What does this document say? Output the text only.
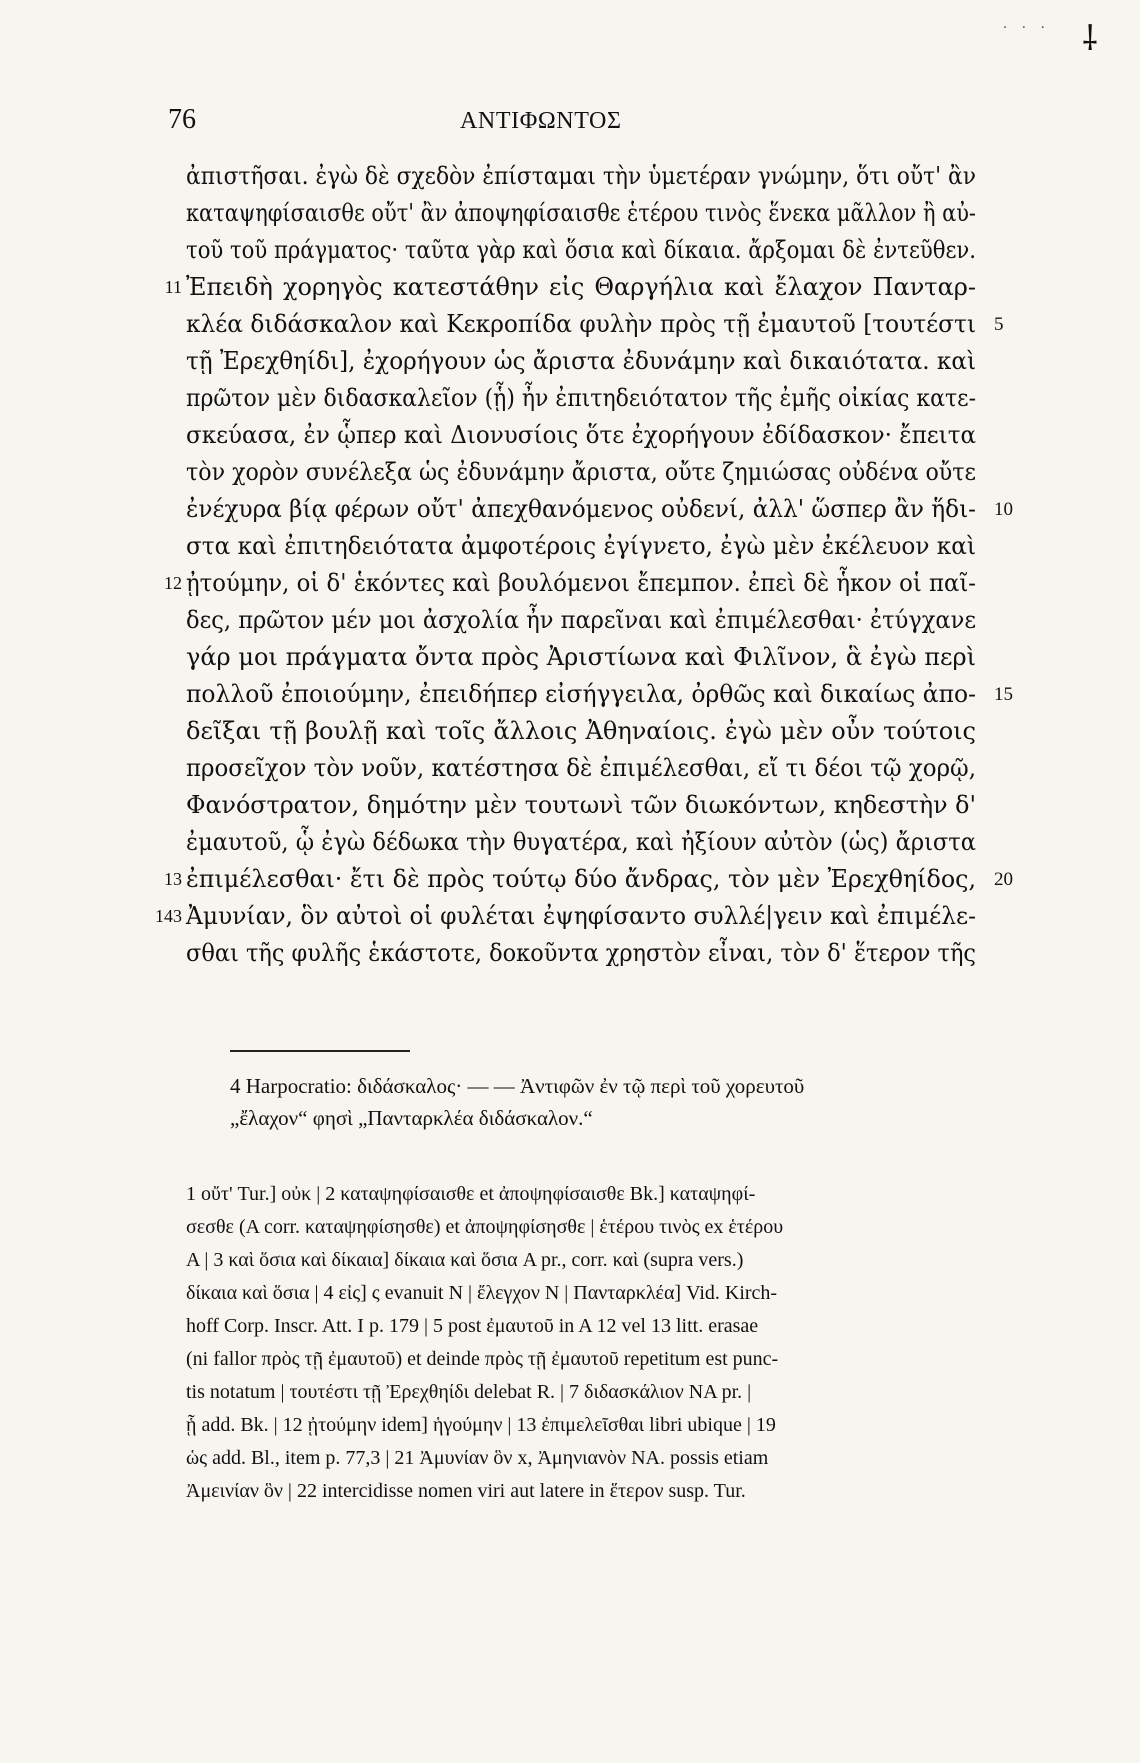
· · · ⸸
76	ΑΝΤΙΦΩΝΤΟΣ
ἀπιστῆσαι. ἐγὼ δὲ σχεδὸν ἐπίσταμαι τὴν ὑμετέραν γνώμην, ὅτι οὔτ' ἂν
καταψηφίσαισθε οὔτ' ἂν ἀποψηφίσαισθε ἑτέρου τινὸς ἕνεκα μᾶλλον ἢ αὐ-
τοῦ τοῦ πράγματος· ταῦτα γὰρ καὶ ὅσια καὶ δίκαια. ἄρξομαι δὲ ἐντεῦθεν.
11 Ἐπειδὴ χορηγὸς κατεστάθην εἰς Θαργήλια καὶ ἔλαχον Πανταρ-
κλέα διδάσκαλον καὶ Κεκροπίδα φυλὴν πρὸς τῇ ἐμαυτοῦ [τουτέστι 5
τῇ Ἐρεχθηίδι], ἐχορήγουν ὡς ἄριστα ἐδυνάμην καὶ δικαιότατα. καὶ
πρῶτον μὲν διδασκαλεῖον (ᾗ) ἦν ἐπιτηδειότατον τῆς ἐμῆς οἰκίας κατε-
σκεύασα, ἐν ᾧπερ καὶ Διονυσίοις ὅτε ἐχορήγουν ἐδίδασκον· ἔπειτα
τὸν χορὸν συνέλεξα ὡς ἐδυνάμην ἄριστα, οὔτε ζημιώσας οὐδένα οὔτε
ἐνέχυρα βίᾳ φέρων οὔτ' ἀπεχθανόμενος οὐδενί, ἀλλ' ὥσπερ ἂν ἥδι- 10
στα καὶ ἐπιτηδειότατα ἀμφοτέροις ἐγίγνετο, ἐγὼ μὲν ἐκέλευον καὶ
12 ᾐτούμην, οἱ δ' ἑκόντες καὶ βουλόμενοι ἔπεμπον. ἐπεὶ δὲ ἧκον οἱ παῖ-
δες, πρῶτον μέν μοι ἀσχολία ἦν παρεῖναι καὶ ἐπιμέλεσθαι· ἐτύγχανε
γάρ μοι πράγματα ὄντα πρὸς Ἀριστίωνα καὶ Φιλῖνον, ἃ ἐγὼ περὶ
πολλοῦ ἐποιούμην, ἐπειδήπερ εἰσήγγειλα, ὀρθῶς καὶ δικαίως ἀπο- 15
δεῖξαι τῇ βουλῇ καὶ τοῖς ἄλλοις Ἀθηναίοις. ἐγὼ μὲν οὖν τούτοις
προσεῖχον τὸν νοῦν, κατέστησα δὲ ἐπιμέλεσθαι, εἴ τι δέοι τῷ χορῷ,
Φανόστρατον, δημότην μὲν τουτωνὶ τῶν διωκόντων, κηδεστὴν δ'
ἐμαυτοῦ, ᾧ ἐγὼ δέδωκα τὴν θυγατέρα, καὶ ἠξίουν αὐτὸν (ὡς) ἄριστα
13 ἐπιμέλεσθαι· ἔτι δὲ πρὸς τούτῳ δύο ἄνδρας, τὸν μὲν Ἐρεχθηίδος, 20
143 Ἀμυνίαν, ὃν αὐτοὶ οἱ φυλέται ἐψηφίσαντο συλλέ|γειν καὶ ἐπιμέλε-
σθαι τῆς φυλῆς ἑκάστοτε, δοκοῦντα χρηστὸν εἶναι, τὸν δ' ἕτερον τῆς
4 Harpocratio: διδάσκαλος· — — Ἀντιφῶν ἐν τῷ περὶ τοῦ χορευτοῦ
„ἔλαχον“ φησὶ „Πανταρκλέα διδάσκαλον.“
1 οὔτ' Tur.] οὐκ | 2 καταψηφίσαισθε et ἀποψηφίσαισθε Bk.] καταψηφί-
σεσθε (A corr. καταψηφίσησθε) et ἀποψηφίσησθε | ἑτέρου τινὸς ex ἑτέρου
A | 3 καὶ ὅσια καὶ δίκαια] δίκαια καὶ ὅσια A pr., corr. καὶ (supra vers.)
δίκαια καὶ ὅσια | 4 εἰς] ς evanuit N | ἔλεγχον N | Πανταρκλέα] Vid. Kirch-
hoff Corp. Inscr. Att. I p. 179 | 5 post ἐμαυτοῦ in A 12 vel 13 litt. erasae
(ni fallor πρὸς τῇ ἐμαυτοῦ) et deinde πρὸς τῇ ἐμαυτοῦ repetitum est punc-
tis notatum | τουτέστι τῇ Ἐρεχθηίδι delebat R. | 7 διδασκάλιον NA pr. |
ᾗ add. Bk. | 12 ᾐτούμην idem] ἡγούμην | 13 ἐπιμελεῖσθαι libri ubique | 19
ὡς add. Bl., item p. 77,3 | 21 Ἀμυνίαν ὃν x, Ἀμηνιανὸν NA. possis etiam
Ἀμεινίαν ὃν | 22 intercidisse nomen viri aut latere in ἕτερον susp. Tur.
